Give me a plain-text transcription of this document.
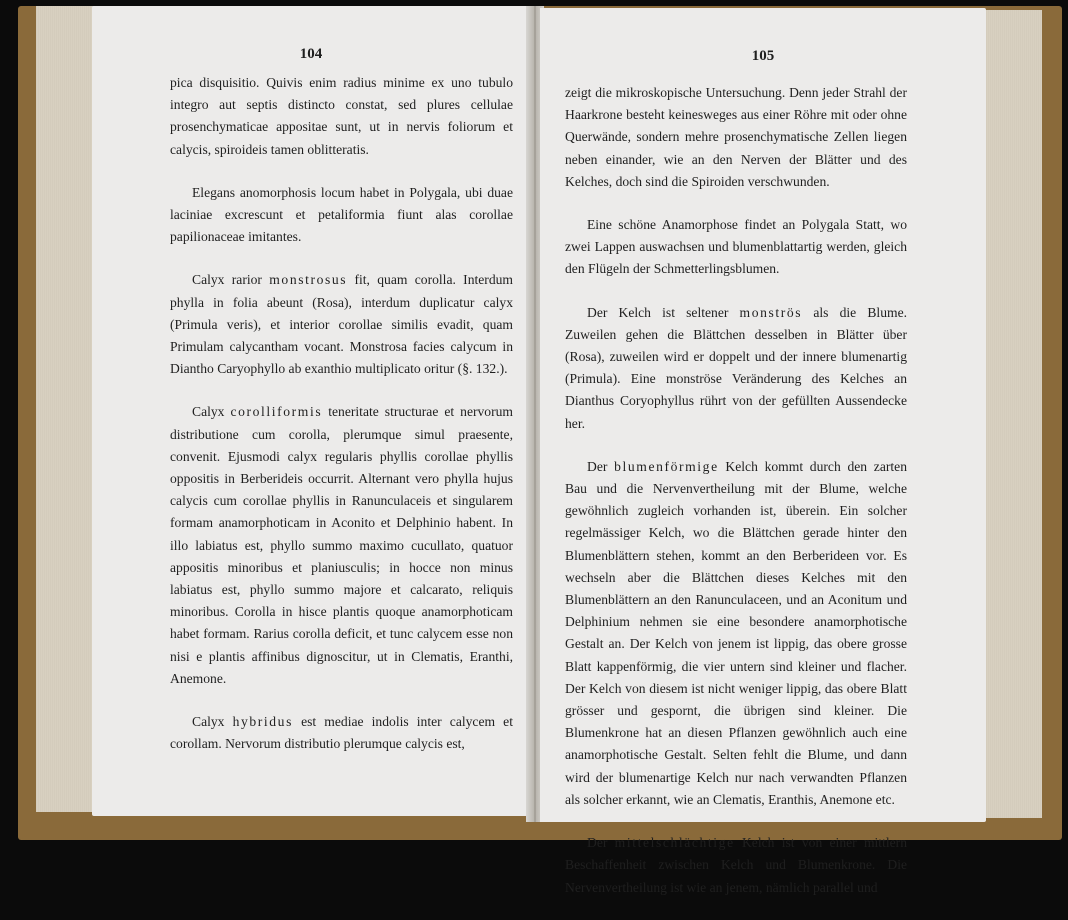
104
pica disquisitio. Quivis enim radius minime ex uno tubulo integro aut septis distincto constat, sed plures cellulae prosenchymaticae appositae sunt, ut in nervis foliorum et calycis, spiroideis tamen oblitteratis.
Elegans anomorphosis locum habet in Polygala, ubi duae laciniae excrescunt et petaliformia fiunt alas corollae papilionaceae imitantes.
Calyx rarior monstrosus fit, quam corolla. Interdum phylla in folia abeunt (Rosa), interdum duplicatur calyx (Primula veris), et interior corollae similis evadit, quam Primulam calycantham vocant. Monstrosa facies calycum in Diantho Caryophyllo ab exanthio multiplicato oritur (§. 132.).
Calyx corolliformis teneritate structurae et nervorum distributione cum corolla, plerumque simul praesente, convenit. Ejusmodi calyx regularis phyllis corollae phyllis oppositis in Berberideis occurrit. Alternant vero phylla hujus calycis cum corollae phyllis in Ranunculaceis et singularem formam anamorphoticam in Aconito et Delphinio habent. In illo labiatus est, phyllo summo maximo cucullato, quatuor appositis minoribus et planiusculis; in hocce non minus labiatus est, phyllo summo majore et calcarato, reliquis minoribus. Corolla in hisce plantis quoque anamorphoticam habet formam. Rarius corolla deficit, et tunc calycem esse non nisi e plantis affinibus dignoscitur, ut in Clematis, Eranthi, Anemone.
Calyx hybridus est mediae indolis inter calycem et corollam. Nervorum distributio plerumque calycis est,
105
zeigt die mikroskopische Untersuchung. Denn jeder Strahl der Haarkrone besteht keinesweges aus einer Röhre mit oder ohne Querwände, sondern mehre prosenchymatische Zellen liegen neben einander, wie an den Nerven der Blätter und des Kelches, doch sind die Spiroiden verschwunden.
Eine schöne Anamorphose findet an Polygala Statt, wo zwei Lappen auswachsen und blumenblattartig werden, gleich den Flügeln der Schmetterlingsblumen.
Der Kelch ist seltener monströs als die Blume. Zuweilen gehen die Blättchen desselben in Blätter über (Rosa), zuweilen wird er doppelt und der innere blumenartig (Primula). Eine monströse Veränderung des Kelches an Dianthus Coryophyllus rührt von der gefüllten Aussendecke her.
Der blumenförmige Kelch kommt durch den zarten Bau und die Nervenvertheilung mit der Blume, welche gewöhnlich zugleich vorhanden ist, überein. Ein solcher regelmässiger Kelch, wo die Blättchen gerade hinter den Blumenblättern stehen, kommt an den Berberideen vor. Es wechseln aber die Blättchen dieses Kelches mit den Blumenblättern an den Ranunculaceen, und an Aconitum und Delphinium nehmen sie eine besondere anamorphotische Gestalt an. Der Kelch von jenem ist lippig, das obere grosse Blatt kappenförmig, die vier untern sind kleiner und flacher. Der Kelch von diesem ist nicht weniger lippig, das obere Blatt grösser und gespornt, die übrigen sind kleiner. Die Blumenkrone hat an diesen Pflanzen gewöhnlich auch eine anamorphotische Gestalt. Selten fehlt die Blume, und dann wird der blumenartige Kelch nur nach verwandten Pflanzen als solcher erkannt, wie an Clematis, Eranthis, Anemone etc.
Der mittelschlächtige Kelch ist von einer mittlern Beschaffenheit zwischen Kelch und Blumenkrone. Die Nervenvertheilung ist wie an jenem, nämlich parallel und
